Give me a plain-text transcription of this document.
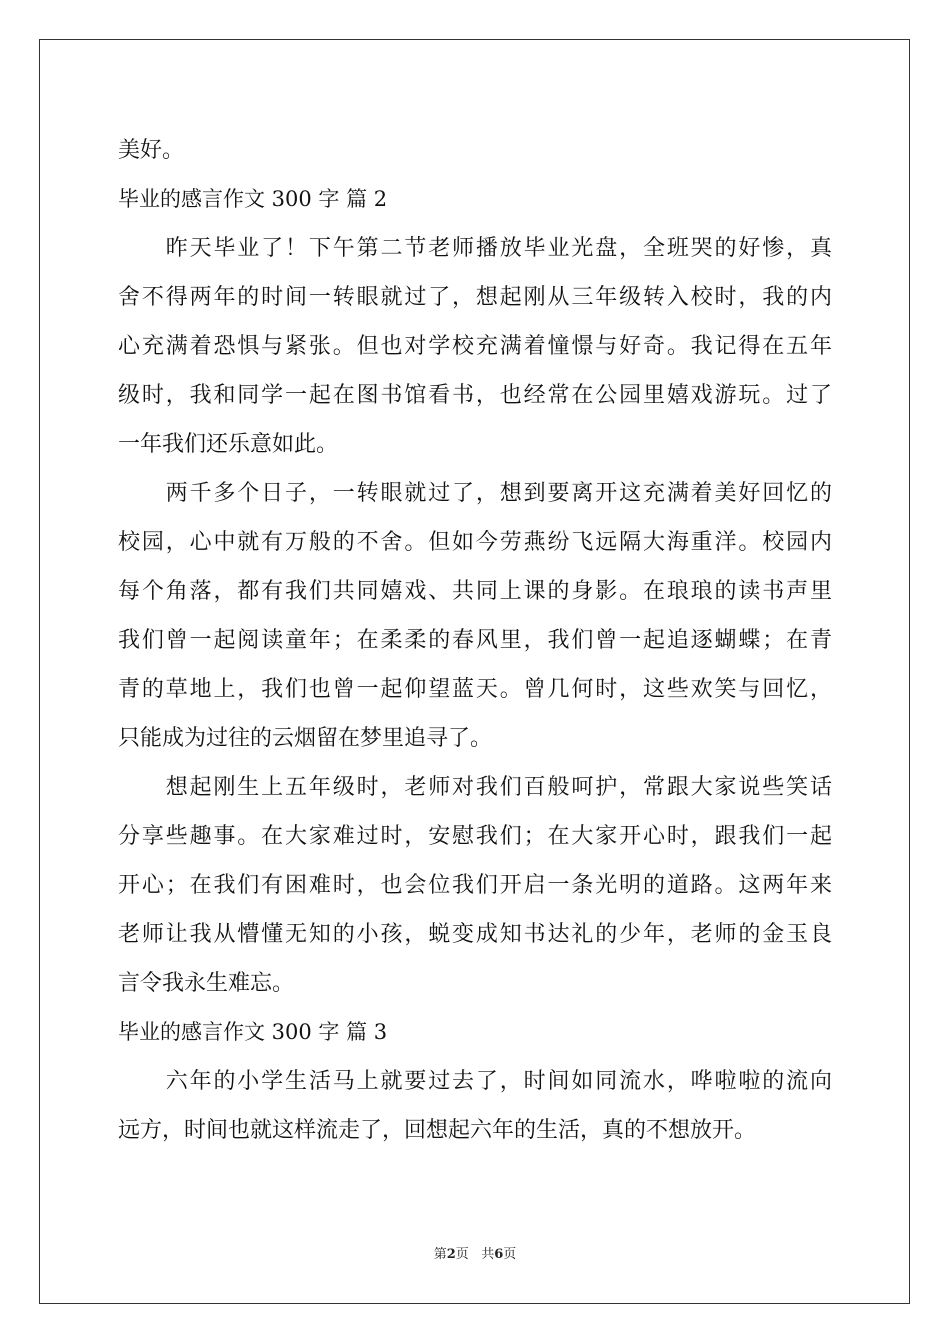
美好。
毕业的感言作文 300 字 篇 2
　　昨天毕业了！下午第二节老师播放毕业光盘，全班哭的好惨，真
舍不得两年的时间一转眼就过了，想起刚从三年级转入校时，我的内
心充满着恐惧与紧张。但也对学校充满着憧憬与好奇。我记得在五年
级时，我和同学一起在图书馆看书，也经常在公园里嬉戏游玩。过了
一年我们还乐意如此。
　　两千多个日子，一转眼就过了，想到要离开这充满着美好回忆的
校园，心中就有万般的不舍。但如今劳燕纷飞远隔大海重洋。校园内
每个角落，都有我们共同嬉戏、共同上课的身影。在琅琅的读书声里
我们曾一起阅读童年；在柔柔的春风里，我们曾一起追逐蝴蝶；在青
青的草地上，我们也曾一起仰望蓝天。曾几何时，这些欢笑与回忆，
只能成为过往的云烟留在梦里追寻了。
　　想起刚生上五年级时，老师对我们百般呵护，常跟大家说些笑话
分享些趣事。在大家难过时，安慰我们；在大家开心时，跟我们一起
开心；在我们有困难时，也会位我们开启一条光明的道路。这两年来
老师让我从懵懂无知的小孩，蜕变成知书达礼的少年，老师的金玉良
言令我永生难忘。
毕业的感言作文 300 字 篇 3
　　六年的小学生活马上就要过去了，时间如同流水，哗啦啦的流向
远方，时间也就这样流走了，回想起六年的生活，真的不想放开。
第2页 共6页
